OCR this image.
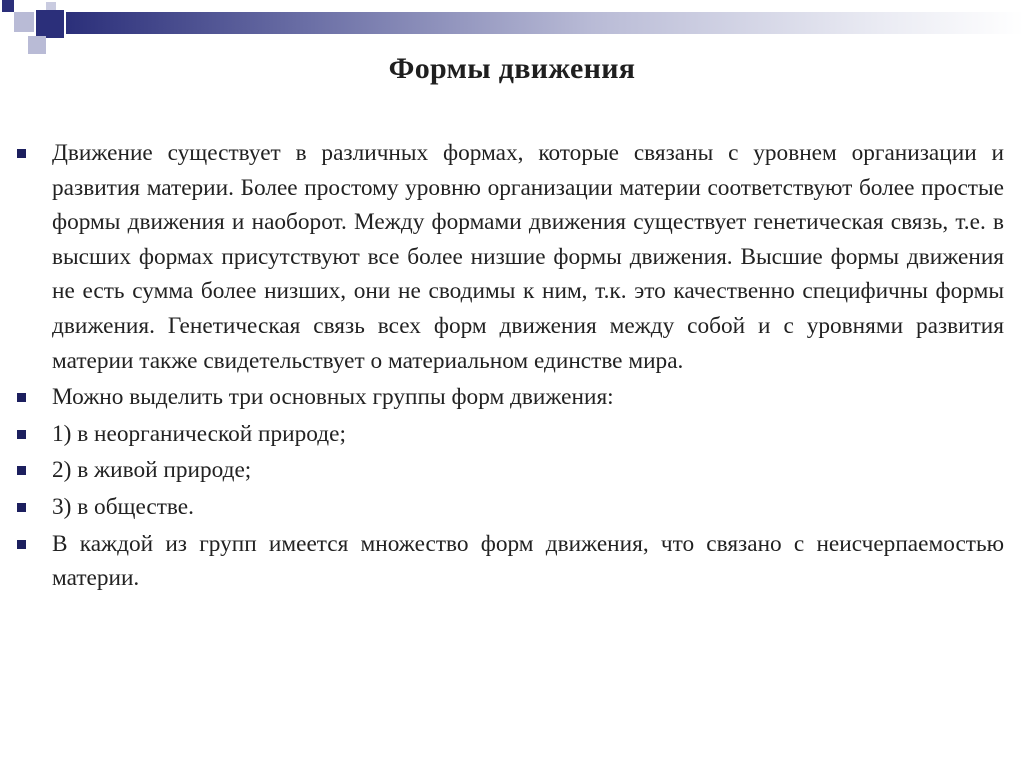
Формы движения
Движение существует в различных формах, которые связаны с уровнем организации и развития материи. Более простому уровню организации материи соответствуют более простые формы движения и наоборот. Между формами движения существует генетическая связь, т.е. в высших формах присутствуют все более низшие формы движения. Высшие формы движения не есть сумма более низших, они не сводимы к ним, т.к. это качественно специфичны формы движения. Генетическая связь всех форм движения между собой и с уровнями развития материи также свидетельствует о материальном единстве мира.
Можно выделить три основных группы форм движения:
1) в неорганической природе;
2) в живой природе;
3) в обществе.
В каждой из групп имеется множество форм движения, что связано с неисчерпаемостью материи.
